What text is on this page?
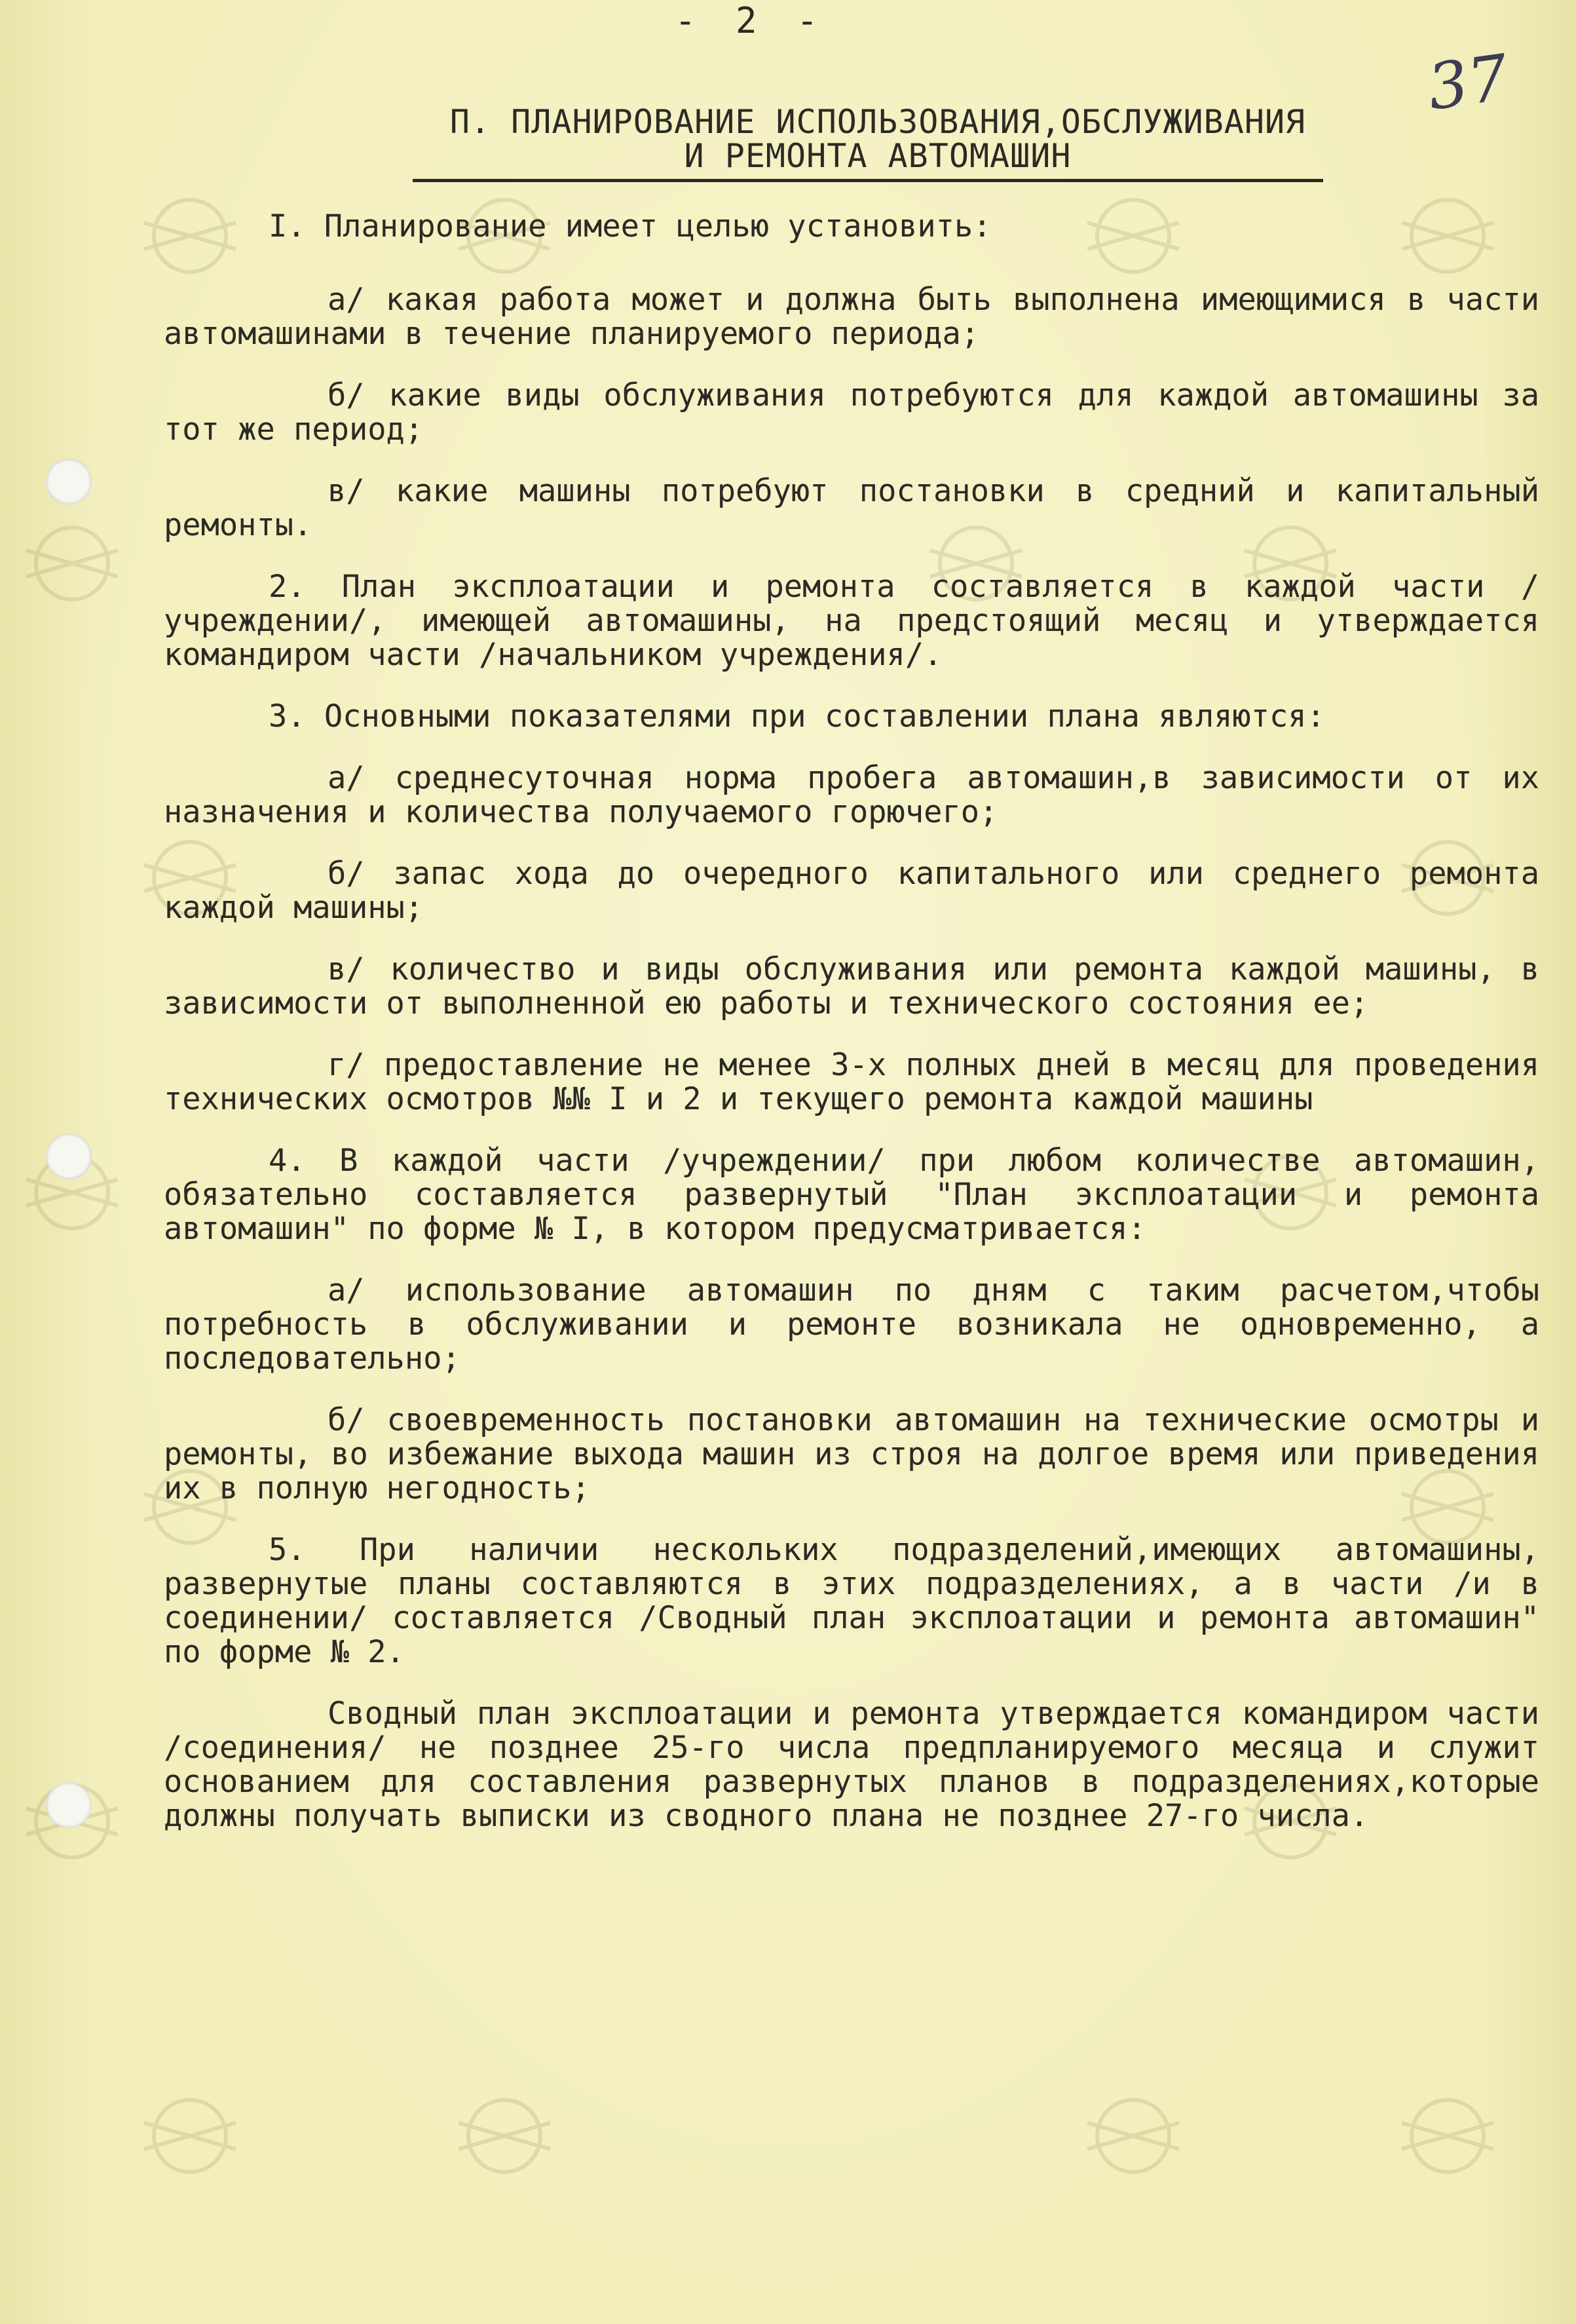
- 2 -
37
П. ПЛАНИРОВАНИЕ ИСПОЛЬЗОВАНИЯ,ОБСЛУЖИВАНИЯ
И РЕМОНТА АВТОМАШИН

I. Планирование имеет целью установить:

а/ какая работа может и должна быть выполнена имеющимися в части автомашинами в течение планируемого периода;

б/ какие виды обслуживания потребуются для каждой автомашины за тот же период;

в/ какие машины потребуют постановки в средний и капитальный ремонты.

2. План эксплоатации и ремонта составляется в каждой части /учреждении/, имеющей автомашины, на предстоящий месяц и утверждается командиром части /начальником учреждения/.

3. Основными показателями при составлении плана являются:

а/ среднесуточная норма пробега автомашин,в зависимости от их назначения и количества получаемого горючего;

б/ запас хода до очередного капитального или среднего ремонта каждой машины;

в/ количество и виды обслуживания или ремонта каждой машины, в зависимости от выполненной ею работы и технического состояния ее;

г/ предоставление не менее 3-х полных дней в месяц для проведения технических осмотров №№ I и 2 и текущего ремонта каждой машины

4. В каждой части /учреждении/ при любом количестве автомашин, обязательно составляется развернутый "План эксплоатации и ремонта автомашин" по форме № I, в котором предусматривается:

а/ использование автомашин по дням с таким расчетом,чтобы потребность в обслуживании и ремонте возникала не одновременно, а последовательно;

б/ своевременность постановки автомашин на технические осмотры и ремонты, во избежание выхода машин из строя на долгое время или приведения их в полную негодность;

5. При наличии нескольких подразделений,имеющих автомашины, развернутые планы составляются в этих подразделениях, а в части /и в соединении/ составляется /Сводный план эксплоатации и ремонта автомашин" по форме № 2.

Сводный план эксплоатации и ремонта утверждается командиром части /соединения/ не позднее 25-го числа предпланируемого месяца и служит основанием для составления развернутых планов в подразделениях,которые должны получать выписки из сводного плана не позднее 27-го числа.
